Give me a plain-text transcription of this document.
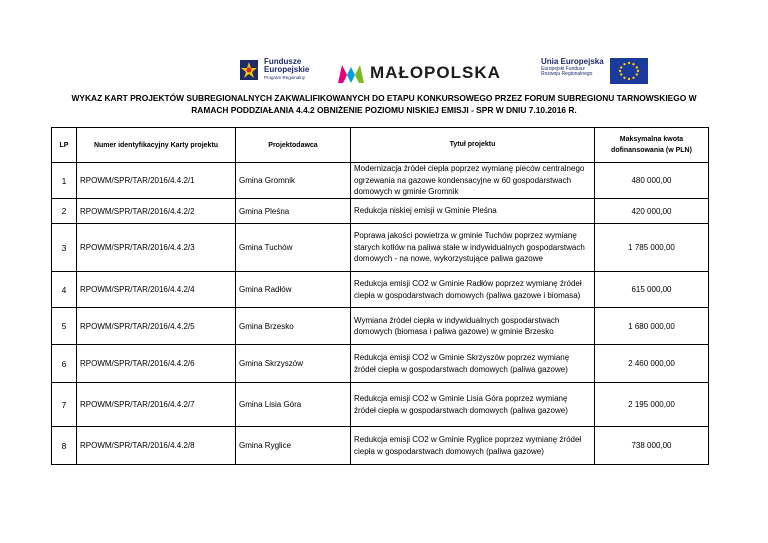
Fundusze
Europejskie
Program Regionalny	MAŁOPOLSKA
Unia Europejska
Europejski Fundusz
Rozwoju Regionalnego
WYKAZ KART PROJEKTÓW SUBREGIONALNYCH ZAKWALIFIKOWANYCH DO ETAPU KONKURSOWEGO PRZEZ FORUM SUBREGIONU TARNOWSKIEGO W
RAMACH PODDZIAŁANIA 4.4.2 OBNIŻENIE POZIOMU NISKIEJ EMISJI - SPR W DNIU 7.10.2016 R.
LP	Numer identyfikacyjny Karty projektu	Projektodawca	Tytuł projektu	Maksymalna kwota dofinansowania (w PLN)
1	RPOWM/SPR/TAR/2016/4.4.2/1	Gmina Gromnik	Modernizacja źródeł ciepła poprzez wymianę pieców centralnego ogrzewania na gazowe kondensacyjne w 60 gospodarstwach domowych w gminie Gromnik	480 000,00
2	RPOWM/SPR/TAR/2016/4.4.2/2	Gmina Pleśna	Redukcja niskiej emisji w Gminie Pleśna	420 000,00
3	RPOWM/SPR/TAR/2016/4.4.2/3	Gmina Tuchów	Poprawa jakości powietrza w gminie Tuchów poprzez wymianę starych kotłów na paliwa stałe w indywidualnych gospodarstwach domowych - na nowe, wykorzystujące paliwa gazowe	1 785 000,00
4	RPOWM/SPR/TAR/2016/4.4.2/4	Gmina Radłów	Redukcja emisji CO2 w Gminie Radłów poprzez wymianę źródeł ciepła w gospodarstwach domowych (paliwa gazowe i biomasa)	615 000,00
5	RPOWM/SPR/TAR/2016/4.4.2/5	Gmina Brzesko	Wymiana źródeł ciepła w indywidualnych gospodarstwach domowych (biomasa i paliwa gazowe) w gminie Brzesko	1 680 000,00
6	RPOWM/SPR/TAR/2016/4.4.2/6	Gmina Skrzyszów	Redukcja emisji CO2 w Gminie Skrzyszów poprzez wymianę źródeł ciepła w gospodarstwach domowych (paliwa gazowe)	2 460 000,00
7	RPOWM/SPR/TAR/2016/4.4.2/7	Gmina Lisia Góra	Redukcja emisji CO2 w Gminie Lisia Góra poprzez wymianę źródeł ciepła w gospodarstwach domowych (paliwa gazowe)	2 195 000,00
8	RPOWM/SPR/TAR/2016/4.4.2/8	Gmina Ryglice	Redukcja emisji CO2 w Gminie Ryglice poprzez wymianę źródeł ciepła w gospodarstwach domowych (paliwa gazowe)	738 000,00
